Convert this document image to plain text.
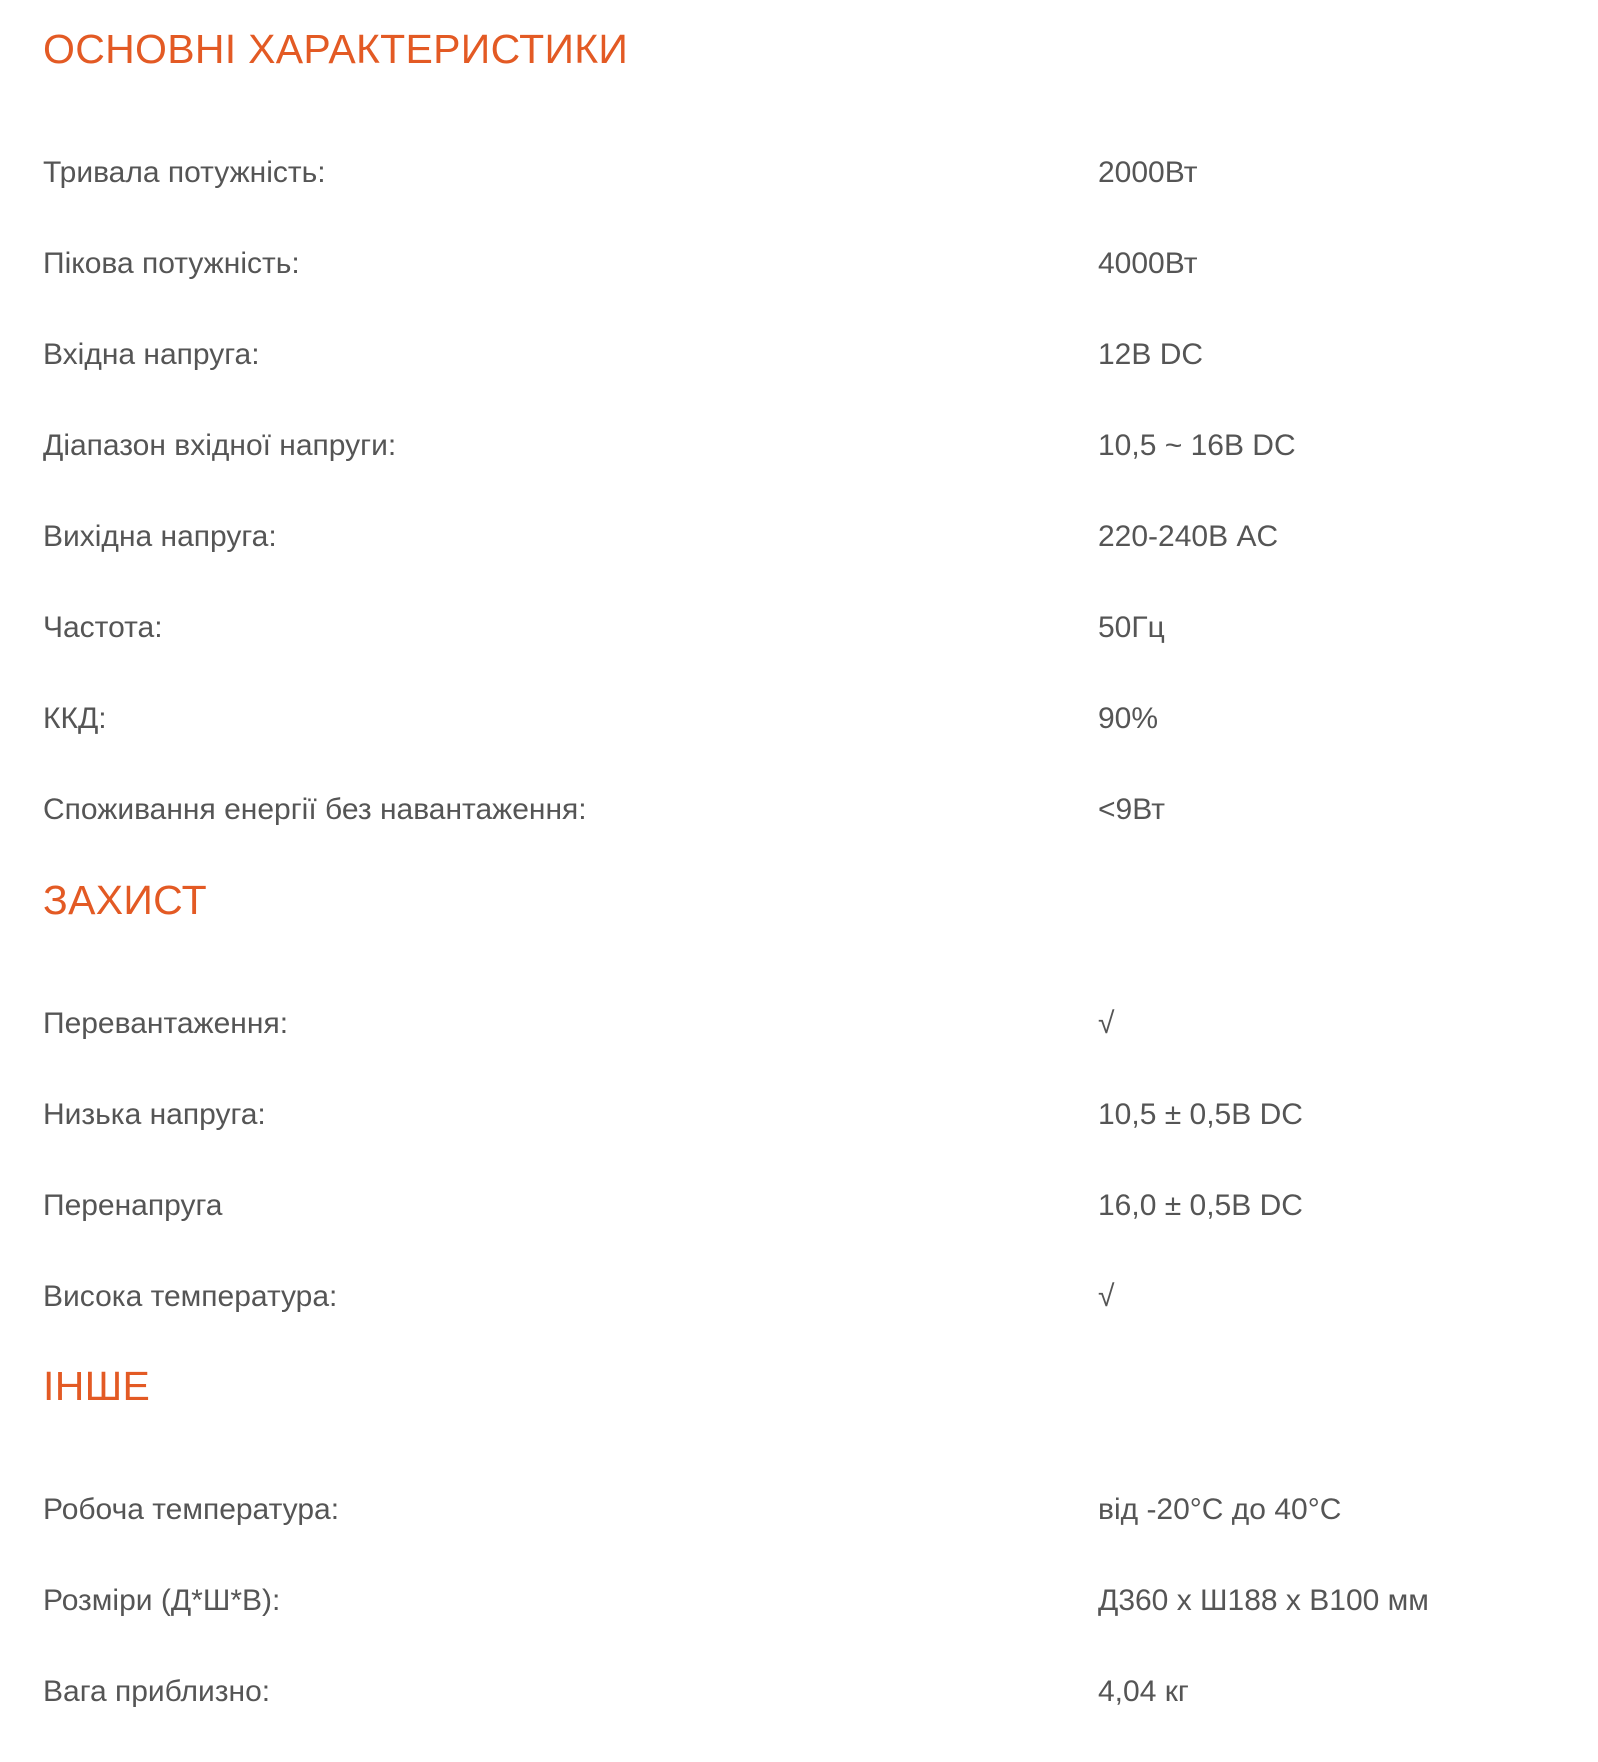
ОСНОВНІ ХАРАКТЕРИСТИКИ
Тривала потужність:	2000Вт
Пікова потужність:	4000Вт
Вхідна напруга:	12В DC
Діапазон вхідної напруги:	10,5 ~ 16В DC
Вихідна напруга:	220-240В AC
Частота:	50Гц
ККД:	90%
Споживання енергії без навантаження:	<9Вт
ЗАХИСТ
Перевантаження:	√
Низька напруга:	10,5 ± 0,5В DC
Перенапруга	16,0 ± 0,5В DC
Висока температура:	√
ІНШЕ
Робоча температура:	від -20°C до 40°C
Розміри (Д*Ш*В):	Д360 x Ш188 x В100 мм
Вага приблизно:	4,04 кг
